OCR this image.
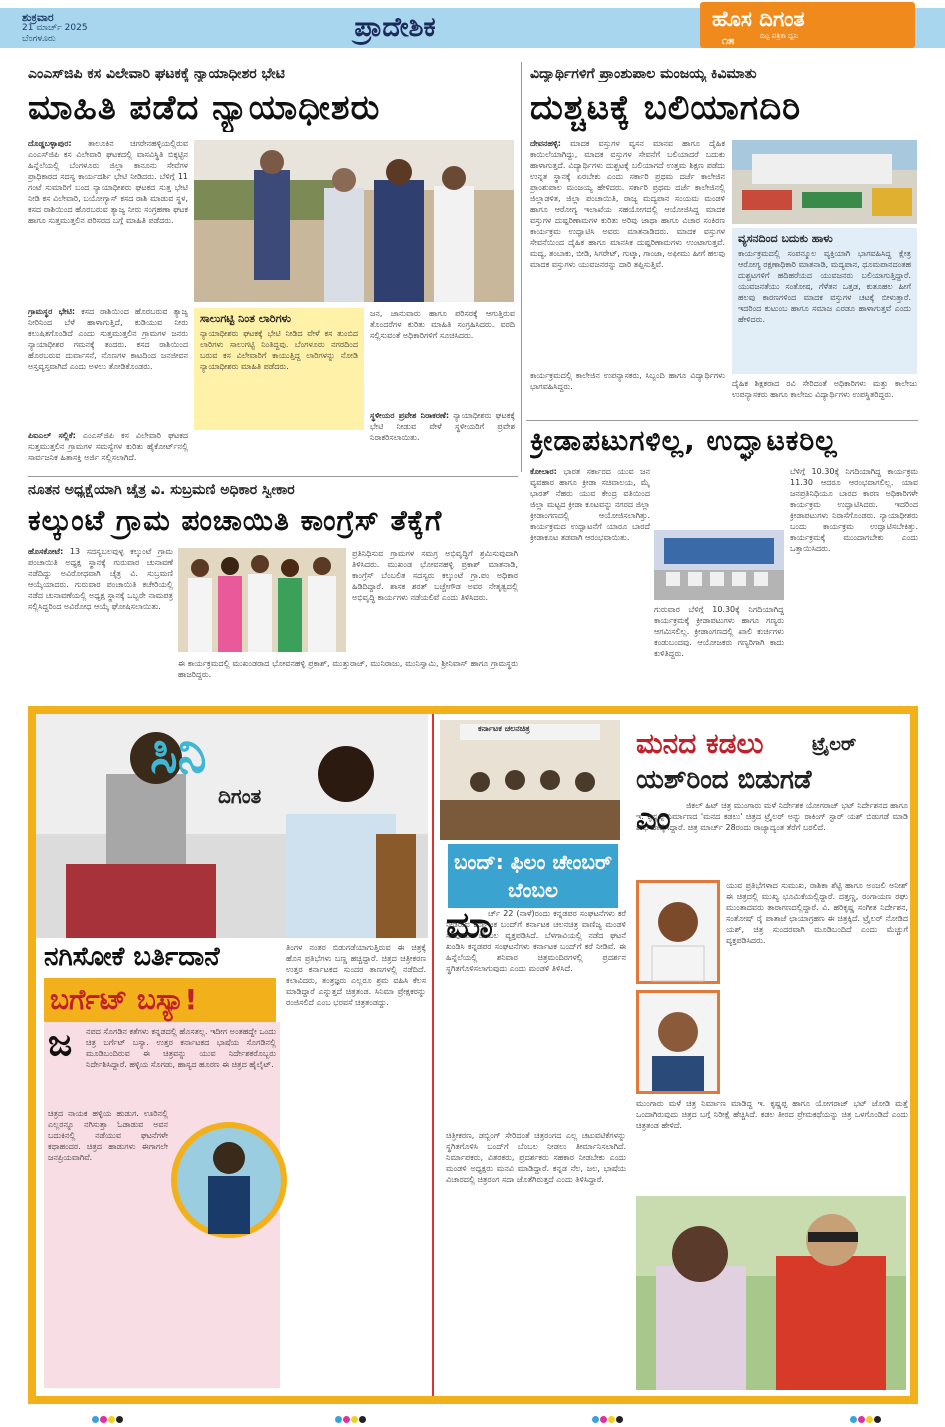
ಶುಕ್ರವಾರ
21 ಮಾರ್ಚ್ 2025
ಬೆಂಗಳೂರು	ಪ್ರಾದೇಶಿಕ	ಹೊಸ ದಿಗಂತ
ದಿಟ್ಟ ಪತ್ರಿಕಾ ಧ್ವನಿ
೧೫
ಎಂಎಸ್‌ಜಿಪಿ ಕಸ ವಿಲೇವಾರಿ ಘಟಕಕ್ಕೆ ನ್ಯಾಯಾಧೀಶರ ಭೇಟಿ
ಮಾಹಿತಿ ಪಡೆದ ನ್ಯಾಯಾಧೀಶರು
ದೊಡ್ಡಬಳ್ಳಾಪುರ: ತಾಲೂಕಿನ ಚಿಗರೇನಹಳ್ಳಿಯಲ್ಲಿರುವ ಎಂಎಸ್‌ಜಿಪಿ ಕಸ ವಿಲೇವಾರಿ ಘಟಕದಲ್ಲಿ ವಾಸವಿಸ್ಥಿತಿ ಬಿಕ್ಕಟ್ಟಿನ ಹಿನ್ನೆಲೆಯಲ್ಲಿ ಬೆಂಗಳೂರು ಜಿಲ್ಲಾ ಕಾನೂನು ಸೇವೆಗಳ ಪ್ರಾಧಿಕಾರದ ಸದಸ್ಯ ಕಾರ್ಯದರ್ಶಿ ಭೇಟಿ ನೀಡಿದರು. ಬೆಳಿಗ್ಗೆ 11 ಗಂಟೆ ಸುಮಾರಿಗೆ ಬಂದ ನ್ಯಾಯಾಧೀಶರು ಘಟಕದ ಸುತ್ತ ಭೇಟಿ ನೀಡಿ ಕಸ ವಿಲೇವಾರಿ, ಬಯೋಗ್ಯಾಸ್ ಕಸದ ರಾಶಿ ಮಾಡುವ ಸ್ಥಳ, ಕಸದ ರಾಶಿಯಿಂದ ಹೊರಬರುವ ತ್ಯಾಜ್ಯ ನೀರು ಸಂಗ್ರಹಣಾ ಘಟಕ ಹಾಗೂ ಸುತ್ತಮುತ್ತಲಿನ ಪರಿಸರದ ಬಗ್ಗೆ ಮಾಹಿತಿ ಪಡೆದರು.
ಗ್ರಾಮಸ್ಥರ ಭೇಟಿ: ಕಸದ ರಾಶಿಯಿಂದ ಹೊರಬರುವ ತ್ಯಾಜ್ಯ ನೀರಿನಿಂದ ಬೆಳೆ ಹಾಳಾಗುತ್ತಿದೆ, ಕುಡಿಯುವ ನೀರು ಕಲುಷಿತಗೊಂಡಿದೆ ಎಂದು ಸುತ್ತಮುತ್ತಲಿನ ಗ್ರಾಮಗಳ ಜನರು ನ್ಯಾಯಾಧೀಶರ ಗಮನಕ್ಕೆ ತಂದರು. ಕಸದ ರಾಶಿಯಿಂದ ಹೊರಬರುವ ದುರ್ವಾಸನೆ, ನೊಣಗಳ ಕಾಟದಿಂದ ಜನಜೀವನ ಅಸ್ತವ್ಯಸ್ತವಾಗಿದೆ ಎಂದು ಅಳಲು ತೋಡಿಕೊಂಡರು.
ಪಿಐಎಲ್ ಸಲ್ಲಿಕೆ: ಎಂಎಸ್‌ಜಿಪಿ ಕಸ ವಿಲೇವಾರಿ ಘಟಕದ ಸುತ್ತಮುತ್ತಲಿನ ಗ್ರಾಮಗಳ ಸಮಸ್ಯೆಗಳ ಕುರಿತು ಹೈಕೋರ್ಟ್‌ನಲ್ಲಿ ಸಾರ್ವಜನಿಕ ಹಿತಾಸಕ್ತಿ ಅರ್ಜಿ ಸಲ್ಲಿಸಲಾಗಿದೆ.
ಸಾಲುಗಟ್ಟಿ ನಿಂತ ಲಾರಿಗಳು
ನ್ಯಾಯಾಧೀಶರು ಘಟಕಕ್ಕೆ ಭೇಟಿ ನೀಡಿದ ವೇಳೆ ಕಸ ತುಂಬಿದ ಲಾರಿಗಳು ಸಾಲುಗಟ್ಟಿ ನಿಂತಿದ್ದವು. ಬೆಂಗಳೂರು ನಗರದಿಂದ ಬರುವ ಕಸ ವಿಲೇವಾರಿಗೆ ಕಾಯುತ್ತಿದ್ದ ಲಾರಿಗಳನ್ನು ನೋಡಿ ನ್ಯಾಯಾಧೀಶರು ಮಾಹಿತಿ ಪಡೆದರು.
ಜನ, ಜಾನುವಾರು ಹಾಗೂ ಪರಿಸರಕ್ಕೆ ಆಗುತ್ತಿರುವ ತೊಂದರೆಗಳ ಕುರಿತು ಮಾಹಿತಿ ಸಂಗ್ರಹಿಸಿದರು. ವರದಿ ಸಲ್ಲಿಸುವಂತೆ ಅಧಿಕಾರಿಗಳಿಗೆ ಸೂಚಿಸಿದರು.
ಸ್ಥಳೀಯರ ಪ್ರವೇಶ ನಿರಾಕರಣೆ: ನ್ಯಾಯಾಧೀಶರು ಘಟಕಕ್ಕೆ ಭೇಟಿ ನೀಡುವ ವೇಳೆ ಸ್ಥಳೀಯರಿಗೆ ಪ್ರವೇಶ ನಿರಾಕರಿಸಲಾಯಿತು.
ವಿದ್ಯಾರ್ಥಿಗಳಿಗೆ ಪ್ರಾಂಶುಪಾಲ ಮಂಜಯ್ಯ ಕಿವಿಮಾತು
ದುಶ್ಚಟಕ್ಕೆ ಬಲಿಯಾಗದಿರಿ
ದೇವನಹಳ್ಳಿ: ಮಾದಕ ವಸ್ತುಗಳ ವ್ಯಸನ ಮಾನವ ಹಾಗೂ ದೈಹಿಕ ಕಾಯಿಲೆಯಾಗಿದ್ದು, ಮಾದಕ ವಸ್ತುಗಳ ಸೇವನೆಗೆ ಬಲಿಯಾದರೆ ಬದುಕು ಹಾಳಾಗುತ್ತದೆ. ವಿದ್ಯಾರ್ಥಿಗಳು ದುಶ್ಚಟಕ್ಕೆ ಬಲಿಯಾಗದೆ ಉತ್ತಮ ಶಿಕ್ಷಣ ಪಡೆದು ಉನ್ನತ ಸ್ಥಾನಕ್ಕೆ ಏರಬೇಕು ಎಂದು ಸರ್ಕಾರಿ ಪ್ರಥಮ ದರ್ಜೆ ಕಾಲೇಜಿನ ಪ್ರಾಂಶುಪಾಲ ಮಂಜಯ್ಯ ಹೇಳಿದರು. ಸರ್ಕಾರಿ ಪ್ರಥಮ ದರ್ಜೆ ಕಾಲೇಜಿನಲ್ಲಿ ಜಿಲ್ಲಾಡಳಿತ, ಜಿಲ್ಲಾ ಪಂಚಾಯಿತಿ, ರಾಜ್ಯ ಮದ್ಯಪಾನ ಸಂಯಮ ಮಂಡಳಿ ಹಾಗೂ ಆರೋಗ್ಯ ಇಲಾಖೆಯ ಸಹಯೋಗದಲ್ಲಿ ಆಯೋಜಿಸಿದ್ದ ಮಾದಕ ವಸ್ತುಗಳ ದುಷ್ಪರಿಣಾಮಗಳ ಕುರಿತು ಅರಿವು ಜಾಥಾ ಹಾಗೂ ವಿಚಾರ ಸಂಕಿರಣ ಕಾರ್ಯಕ್ರಮ ಉದ್ಘಾಟಿಸಿ ಅವರು ಮಾತನಾಡಿದರು. ಮಾದಕ ವಸ್ತುಗಳ ಸೇವನೆಯಿಂದ ದೈಹಿಕ ಹಾಗೂ ಮಾನಸಿಕ ದುಷ್ಪರಿಣಾಮಗಳು ಉಂಟಾಗುತ್ತವೆ. ಮದ್ಯ, ತಂಬಾಕು, ಬೀಡಿ, ಸಿಗರೇಟ್, ಗುಟ್ಕಾ, ಗಾಂಜಾ, ಅಫೀಮು ಹೀಗೆ ಹಲವು ಮಾದಕ ವಸ್ತುಗಳು ಯುವಜನರನ್ನು ದಾರಿ ತಪ್ಪಿಸುತ್ತಿವೆ.
ಕಾರ್ಯಕ್ರಮದಲ್ಲಿ ಕಾಲೇಜಿನ ಉಪನ್ಯಾಸಕರು, ಸಿಬ್ಬಂದಿ ಹಾಗೂ ವಿದ್ಯಾರ್ಥಿಗಳು ಭಾಗವಹಿಸಿದ್ದರು.
ವ್ಯಸನದಿಂದ ಬದುಕು ಹಾಳು
ಕಾರ್ಯಕ್ರಮದಲ್ಲಿ ಸಂಪನ್ಮೂಲ ವ್ಯಕ್ತಿಯಾಗಿ ಭಾಗವಹಿಸಿದ್ದ ಕ್ಷೇತ್ರ ಆರೋಗ್ಯ ರಕ್ಷಣಾಧಿಕಾರಿ ಮಾತನಾಡಿ, ಮದ್ಯಪಾನ, ಧೂಮಪಾನದಂತಹ ದುಶ್ಚಟಗಳಿಗೆ ಹದಿಹರೆಯದ ಯುವಜನರು ಬಲಿಯಾಗುತ್ತಿದ್ದಾರೆ. ಯುವಜನತೆಯು ಸಂತೋಷ, ಗೆಳೆತನ ಒತ್ತಡ, ಕುತೂಹಲ ಹೀಗೆ ಹಲವು ಕಾರಣಗಳಿಂದ ಮಾದಕ ವಸ್ತುಗಳ ಚಟಕ್ಕೆ ಬೀಳುತ್ತಾರೆ. ಇದರಿಂದ ಕುಟುಂಬ ಹಾಗೂ ಸಮಾಜ ಎರಡೂ ಹಾಳಾಗುತ್ತವೆ ಎಂದು ಹೇಳಿದರು.
ದೈಹಿಕ ಶಿಕ್ಷಕರಾದ ರವಿ ಸೇರಿದಂತೆ ಅಧಿಕಾರಿಗಳು ಮತ್ತು ಕಾಲೇಜು ಉಪನ್ಯಾಸಕರು ಹಾಗೂ ಕಾಲೇಜು ವಿದ್ಯಾರ್ಥಿಗಳು ಉಪಸ್ಥಿತರಿದ್ದರು.
ಕ್ರೀಡಾಪಟುಗಳಿಲ್ಲ, ಉದ್ಘಾಟಕರಿಲ್ಲ
ಕೋಲಾರ: ಭಾರತ ಸರ್ಕಾರದ ಯುವ ಜನ ವ್ಯವಹಾರ ಹಾಗೂ ಕ್ರೀಡಾ ಸಚಿವಾಲಯ, ಮೈ ಭಾರತ್ ನೆಹರು ಯುವ ಕೇಂದ್ರ ವತಿಯಿಂದ ಜಿಲ್ಲಾ ಮಟ್ಟದ ಕ್ರೀಡಾ ಕೂಟವನ್ನು ನಗರದ ಜಿಲ್ಲಾ ಕ್ರೀಡಾಂಗಣದಲ್ಲಿ ಆಯೋಜಿಸಲಾಗಿತ್ತು. ಕಾರ್ಯಕ್ರಮದ ಉದ್ಘಾಟನೆಗೆ ಯಾರೂ ಬಾರದೆ ಕ್ರೀಡಾಕೂಟ ತಡವಾಗಿ ಆರಂಭವಾಯಿತು.
ಗುರುವಾರ ಬೆಳಿಗ್ಗೆ 10.30ಕ್ಕೆ ನಿಗದಿಯಾಗಿದ್ದ ಕಾರ್ಯಕ್ರಮಕ್ಕೆ ಕ್ರೀಡಾಪಟುಗಳು ಹಾಗೂ ಗಣ್ಯರು ಆಗಮಿಸಲಿಲ್ಲ. ಕ್ರೀಡಾಂಗಣದಲ್ಲಿ ಖಾಲಿ ಕುರ್ಚಿಗಳು ಕಂಡುಬಂದವು. ಆಯೋಜಕರು ಗಣ್ಯರಿಗಾಗಿ ಕಾದು ಕುಳಿತಿದ್ದರು.
ಬೆಳಿಗ್ಗೆ 10.30ಕ್ಕೆ ನಿಗದಿಯಾಗಿದ್ದ ಕಾರ್ಯಕ್ರಮ 11.30 ಆದರೂ ಆರಂಭವಾಗಲಿಲ್ಲ. ಯಾವ ಜನಪ್ರತಿನಿಧಿಯೂ ಬಾರದ ಕಾರಣ ಅಧಿಕಾರಿಗಳೇ ಕಾರ್ಯಕ್ರಮ ಉದ್ಘಾಟಿಸಿದರು. ಇದರಿಂದ ಕ್ರೀಡಾಪಟುಗಳು ನಿರಾಸೆಗೊಂಡರು. ನ್ಯಾಯಾಧೀಶರು ಬಂದು ಕಾರ್ಯಕ್ರಮ ಉದ್ಘಾಟಿಸಬೇಕಿತ್ತು. ಕಾರ್ಯಕ್ರಮಕ್ಕೆ ಮುಂದಾಗಬೇಕು ಎಂದು ಒತ್ತಾಯಿಸಿದರು.
ನೂತನ ಅಧ್ಯಕ್ಷೆಯಾಗಿ ಚೈತ್ರ ವಿ. ಸುಬ್ರಮಣಿ ಅಧಿಕಾರ ಸ್ವೀಕಾರ
ಕಲ್ಕುಂಟೆ ಗ್ರಾಮ ಪಂಚಾಯಿತಿ ಕಾಂಗ್ರೆಸ್ ತೆಕ್ಕೆಗೆ
ಹೊಸಕೋಟೆ: 13 ಸದಸ್ಯಬಲವುಳ್ಳ ಕಲ್ಕುಂಟೆ ಗ್ರಾಮ ಪಂಚಾಯಿತಿ ಅಧ್ಯಕ್ಷ ಸ್ಥಾನಕ್ಕೆ ಗುರುವಾರ ಚುನಾವಣೆ ನಡೆದಿದ್ದು ಅವಿರೋಧವಾಗಿ ಚೈತ್ರ ವಿ. ಸುಬ್ರಮಣಿ ಆಯ್ಕೆಯಾದರು. ಗುರುವಾರ ಪಂಚಾಯಿತಿ ಕಚೇರಿಯಲ್ಲಿ ನಡೆದ ಚುನಾವಣೆಯಲ್ಲಿ ಅಧ್ಯಕ್ಷ ಸ್ಥಾನಕ್ಕೆ ಒಬ್ಬರೇ ನಾಮಪತ್ರ ಸಲ್ಲಿಸಿದ್ದರಿಂದ ಅವಿರೋಧ ಆಯ್ಕೆ ಘೋಷಿಸಲಾಯಿತು.
ಪ್ರತಿನಿಧಿಸುವ ಗ್ರಾಮಗಳ ಸಮಗ್ರ ಅಭಿವೃದ್ಧಿಗೆ ಶ್ರಮಿಸುವುದಾಗಿ ತಿಳಿಸಿದರು. ಮುಖಂಡ ಭೋವನಹಳ್ಳಿ ಪ್ರಕಾಶ್ ಮಾತನಾಡಿ, ಕಾಂಗ್ರೆಸ್ ಬೆಂಬಲಿತ ಸದಸ್ಯರು ಕಲ್ಕುಂಟೆ ಗ್ರಾ.ಪಂ ಅಧಿಕಾರ ಹಿಡಿದಿದ್ದಾರೆ. ಶಾಸಕ ಶರತ್ ಬಚ್ಚೇಗೌಡ ಅವರ ನೇತೃತ್ವದಲ್ಲಿ ಅಭಿವೃದ್ಧಿ ಕಾರ್ಯಗಳು ನಡೆಯಲಿವೆ ಎಂದು ತಿಳಿಸಿದರು.
ಈ ಕಾರ್ಯಕ್ರಮದಲ್ಲಿ ಮುಖಂಡರಾದ ಭೋವನಹಳ್ಳಿ ಪ್ರಕಾಶ್, ಮುತ್ತುರಾಜ್, ಮುನಿರಾಜು, ಮುನಿಸ್ವಾಮಿ, ಶ್ರೀನಿವಾಸ್ ಹಾಗೂ ಗ್ರಾಮಸ್ಥರು ಹಾಜರಿದ್ದರು.
ಸಿನಿ
ದಿಗಂತ
ನಗಿಸೋಕೆ ಬರ್ತಿದಾನೆ
ಬರ್ಗೆಟ್ ಬಸ್ಯಾ!
ಜ	ನಪದ ಸೊಗಡಿನ ಕತೆಗಳು ಕನ್ನಡದಲ್ಲಿ ಹೊಸತಲ್ಲ. ಇದೀಗ ಅಂತಹದ್ದೇ ಒಂದು ಚಿತ್ರ ಬರ್ಗೆಟ್ ಬಸ್ಯಾ. ಉತ್ತರ ಕರ್ನಾಟಕದ ಭಾಷೆಯ ಸೊಗಡಿನಲ್ಲಿ ಮೂಡಿಬಂದಿರುವ ಈ ಚಿತ್ರವನ್ನು ಯುವ ನಿರ್ದೇಶಕರೊಬ್ಬರು ನಿರ್ದೇಶಿಸಿದ್ದಾರೆ. ಹಳ್ಳಿಯ ಸೊಗಡು, ಹಾಸ್ಯದ ಹೂರಣ ಈ ಚಿತ್ರದ ಹೈಲೈಟ್.
ಚಿತ್ರದ ನಾಯಕ ಹಳ್ಳಿಯ ಹುಡುಗ. ಊರಿನಲ್ಲಿ ಎಲ್ಲರನ್ನೂ ನಗಿಸುತ್ತಾ ಓಡಾಡುವ ಅವನ ಬದುಕಿನಲ್ಲಿ ನಡೆಯುವ ಘಟನೆಗಳೇ ಕಥಾಹಂದರ. ಚಿತ್ರದ ಹಾಡುಗಳು ಈಗಾಗಲೇ ಜನಪ್ರಿಯವಾಗಿವೆ.
ತಿಂಗಳ ನಂತರ ಬಿಡುಗಡೆಯಾಗುತ್ತಿರುವ ಈ ಚಿತ್ರಕ್ಕೆ ಹೊಸ ಪ್ರತಿಭೆಗಳು ಬಣ್ಣ ಹಚ್ಚಿದ್ದಾರೆ. ಚಿತ್ರದ ಚಿತ್ರೀಕರಣ ಉತ್ತರ ಕರ್ನಾಟಕದ ಸುಂದರ ತಾಣಗಳಲ್ಲಿ ನಡೆದಿದೆ. ಕಲಾವಿದರು, ತಂತ್ರಜ್ಞರು ಎಲ್ಲರೂ ಶ್ರಮ ವಹಿಸಿ ಕೆಲಸ ಮಾಡಿದ್ದಾರೆ ಎನ್ನುತ್ತದೆ ಚಿತ್ರತಂಡ. ಸಿನಿಮಾ ಪ್ರೇಕ್ಷಕರನ್ನು ರಂಜಿಸಲಿದೆ ಎಂಬ ಭರವಸೆ ಚಿತ್ರತಂಡದ್ದು.
ಕರ್ನಾಟಕ ಚಲನಚಿತ್ರ
ಬಂದ್: ಫಿಲಂ ಚೇಂಬರ್ ಬೆಂಬಲ
ಮಾ
ರ್ಚ್ 22 (ನಾಳೆ)ರಂದು ಕನ್ನಡಪರ ಸಂಘಟನೆಗಳು ಕರೆ ನೀಡಿರುವ ಕರ್ನಾಟಕ ಬಂದ್‌ಗೆ ಕರ್ನಾಟಕ ಚಲನಚಿತ್ರ ವಾಣಿಜ್ಯ ಮಂಡಳಿ ಸಂಪೂರ್ಣ ಬೆಂಬಲ ವ್ಯಕ್ತಪಡಿಸಿದೆ. ಬೆಳಗಾವಿಯಲ್ಲಿ ನಡೆದ ಘಟನೆ ಖಂಡಿಸಿ ಕನ್ನಡಪರ ಸಂಘಟನೆಗಳು ಕರ್ನಾಟಕ ಬಂದ್‌ಗೆ ಕರೆ ನೀಡಿವೆ. ಈ ಹಿನ್ನೆಲೆಯಲ್ಲಿ ಶನಿವಾರ ಚಿತ್ರಮಂದಿರಗಳಲ್ಲಿ ಪ್ರದರ್ಶನ ಸ್ಥಗಿತಗೊಳಿಸಲಾಗುವುದು ಎಂದು ಮಂಡಳಿ ತಿಳಿಸಿದೆ.
ಚಿತ್ರೀಕರಣ, ಡಬ್ಬಿಂಗ್ ಸೇರಿದಂತೆ ಚಿತ್ರರಂಗದ ಎಲ್ಲ ಚಟುವಟಿಕೆಗಳನ್ನು ಸ್ಥಗಿತಗೊಳಿಸಿ ಬಂದ್‌ಗೆ ಬೆಂಬಲ ನೀಡಲು ತೀರ್ಮಾನಿಸಲಾಗಿದೆ. ನಿರ್ಮಾಪಕರು, ವಿತರಕರು, ಪ್ರದರ್ಶಕರು ಸಹಕಾರ ನೀಡಬೇಕು ಎಂದು ಮಂಡಳಿ ಅಧ್ಯಕ್ಷರು ಮನವಿ ಮಾಡಿದ್ದಾರೆ. ಕನ್ನಡ ನೆಲ, ಜಲ, ಭಾಷೆಯ ವಿಚಾರದಲ್ಲಿ ಚಿತ್ರರಂಗ ಸದಾ ಜೊತೆಗಿರುತ್ತದೆ ಎಂದು ತಿಳಿಸಿದ್ದಾರೆ.
ಮನದ ಕಡಲು	ಟ್ರೈಲರ್
ಯಶ್‌ರಿಂದ ಬಿಡುಗಡೆ
ಎಂ	ಜಿಕಲ್ ಹಿಟ್ ಚಿತ್ರ ಮುಂಗಾರು ಮಳೆ ನಿರ್ದೇಶಕ ಯೋಗರಾಜ್ ಭಟ್ ನಿರ್ದೇಶನದ ಹಾಗೂ ಇ. ಕೃಷ್ಣಪ್ಪ ನಿರ್ಮಾಣದ 'ಮನದ ಕಡಲು' ಚಿತ್ರದ ಟ್ರೈಲರ್ ಅನ್ನು ರಾಕಿಂಗ್ ಸ್ಟಾರ್ ಯಶ್ ಬಿಡುಗಡೆ ಮಾಡಿ ಶುಭ ಹಾರೈಸಿದ್ದಾರೆ. ಚಿತ್ರ ಮಾರ್ಚ್ 28ರಂದು ರಾಜ್ಯಾದ್ಯಂತ ತೆರೆಗೆ ಬರಲಿದೆ.
ಯುವ ಪ್ರತಿಭೆಗಳಾದ ಸುಮುಖ, ರಾಶಿಕಾ ಶೆಟ್ಟಿ ಹಾಗೂ ಅಂಜಲಿ ಅನೀಶ್ ಈ ಚಿತ್ರದಲ್ಲಿ ಮುಖ್ಯ ಭೂಮಿಕೆಯಲ್ಲಿದ್ದಾರೆ. ದತ್ತಣ್ಣ, ರಂಗಾಯಣ ರಘು ಮುಂತಾದವರು ತಾರಾಗಣದಲ್ಲಿದ್ದಾರೆ. ವಿ. ಹರಿಕೃಷ್ಣ ಸಂಗೀತ ನಿರ್ದೇಶನ, ಸಂತೋಷ್ ರೈ ಪಾತಾಜೆ ಛಾಯಾಗ್ರಹಣ ಈ ಚಿತ್ರಕ್ಕಿದೆ. ಟ್ರೈಲರ್ ನೋಡಿದ ಯಶ್, ಚಿತ್ರ ಸುಂದರವಾಗಿ ಮೂಡಿಬಂದಿದೆ ಎಂದು ಮೆಚ್ಚುಗೆ ವ್ಯಕ್ತಪಡಿಸಿದರು.
ಮುಂಗಾರು ಮಳೆ ಚಿತ್ರ ನಿರ್ಮಾಣ ಮಾಡಿದ್ದ ಇ. ಕೃಷ್ಣಪ್ಪ ಹಾಗೂ ಯೋಗರಾಜ್ ಭಟ್ ಜೋಡಿ ಮತ್ತೆ ಒಂದಾಗಿರುವುದು ಚಿತ್ರದ ಬಗ್ಗೆ ನಿರೀಕ್ಷೆ ಹೆಚ್ಚಿಸಿದೆ. ಕಡಲ ತೀರದ ಪ್ರೇಮಕಥೆಯನ್ನು ಚಿತ್ರ ಒಳಗೊಂಡಿದೆ ಎಂದು ಚಿತ್ರತಂಡ ಹೇಳಿದೆ.
